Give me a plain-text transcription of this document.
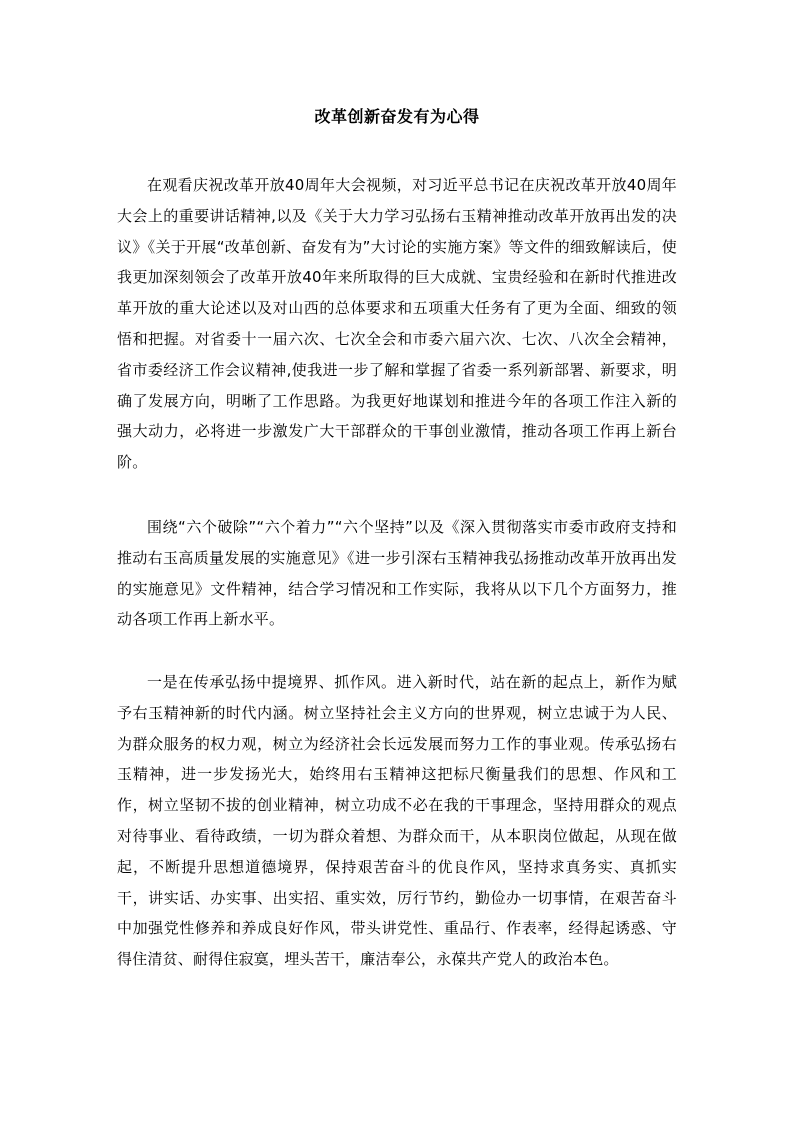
改革创新奋发有为心得

在观看庆祝改革开放40周年大会视频，对习近平总书记在庆祝改革开放40周年大会上的重要讲话精神,以及《关于大力学习弘扬右玉精神推动改革开放再出发的决议》《关于开展“改革创新、奋发有为”大讨论的实施方案》等文件的细致解读后，使我更加深刻领会了改革开放40年来所取得的巨大成就、宝贵经验和在新时代推进改革开放的重大论述以及对山西的总体要求和五项重大任务有了更为全面、细致的领悟和把握。对省委十一届六次、七次全会和市委六届六次、七次、八次全会精神，省市委经济工作会议精神,使我进一步了解和掌握了省委一系列新部署、新要求，明确了发展方向，明晰了工作思路。为我更好地谋划和推进今年的各项工作注入新的强大动力，必将进一步激发广大干部群众的干事创业激情，推动各项工作再上新台阶。

围绕“六个破除”“六个着力”“六个坚持”以及《深入贯彻落实市委市政府支持和推动右玉高质量发展的实施意见》《进一步引深右玉精神我弘扬推动改革开放再出发的实施意见》文件精神，结合学习情况和工作实际，我将从以下几个方面努力，推动各项工作再上新水平。

一是在传承弘扬中提境界、抓作风。进入新时代，站在新的起点上，新作为赋予右玉精神新的时代内涵。树立坚持社会主义方向的世界观，树立忠诚于为人民、为群众服务的权力观，树立为经济社会长远发展而努力工作的事业观。传承弘扬右玉精神，进一步发扬光大，始终用右玉精神这把标尺衡量我们的思想、作风和工作，树立坚韧不拔的创业精神，树立功成不必在我的干事理念，坚持用群众的观点对待事业、看待政绩，一切为群众着想、为群众而干，从本职岗位做起，从现在做起，不断提升思想道德境界，保持艰苦奋斗的优良作风，坚持求真务实、真抓实干，讲实话、办实事、出实招、重实效，厉行节约，勤俭办一切事情，在艰苦奋斗中加强党性修养和养成良好作风，带头讲党性、重品行、作表率，经得起诱惑、守得住清贫、耐得住寂寞，埋头苦干，廉洁奉公，永葆共产党人的政治本色。
